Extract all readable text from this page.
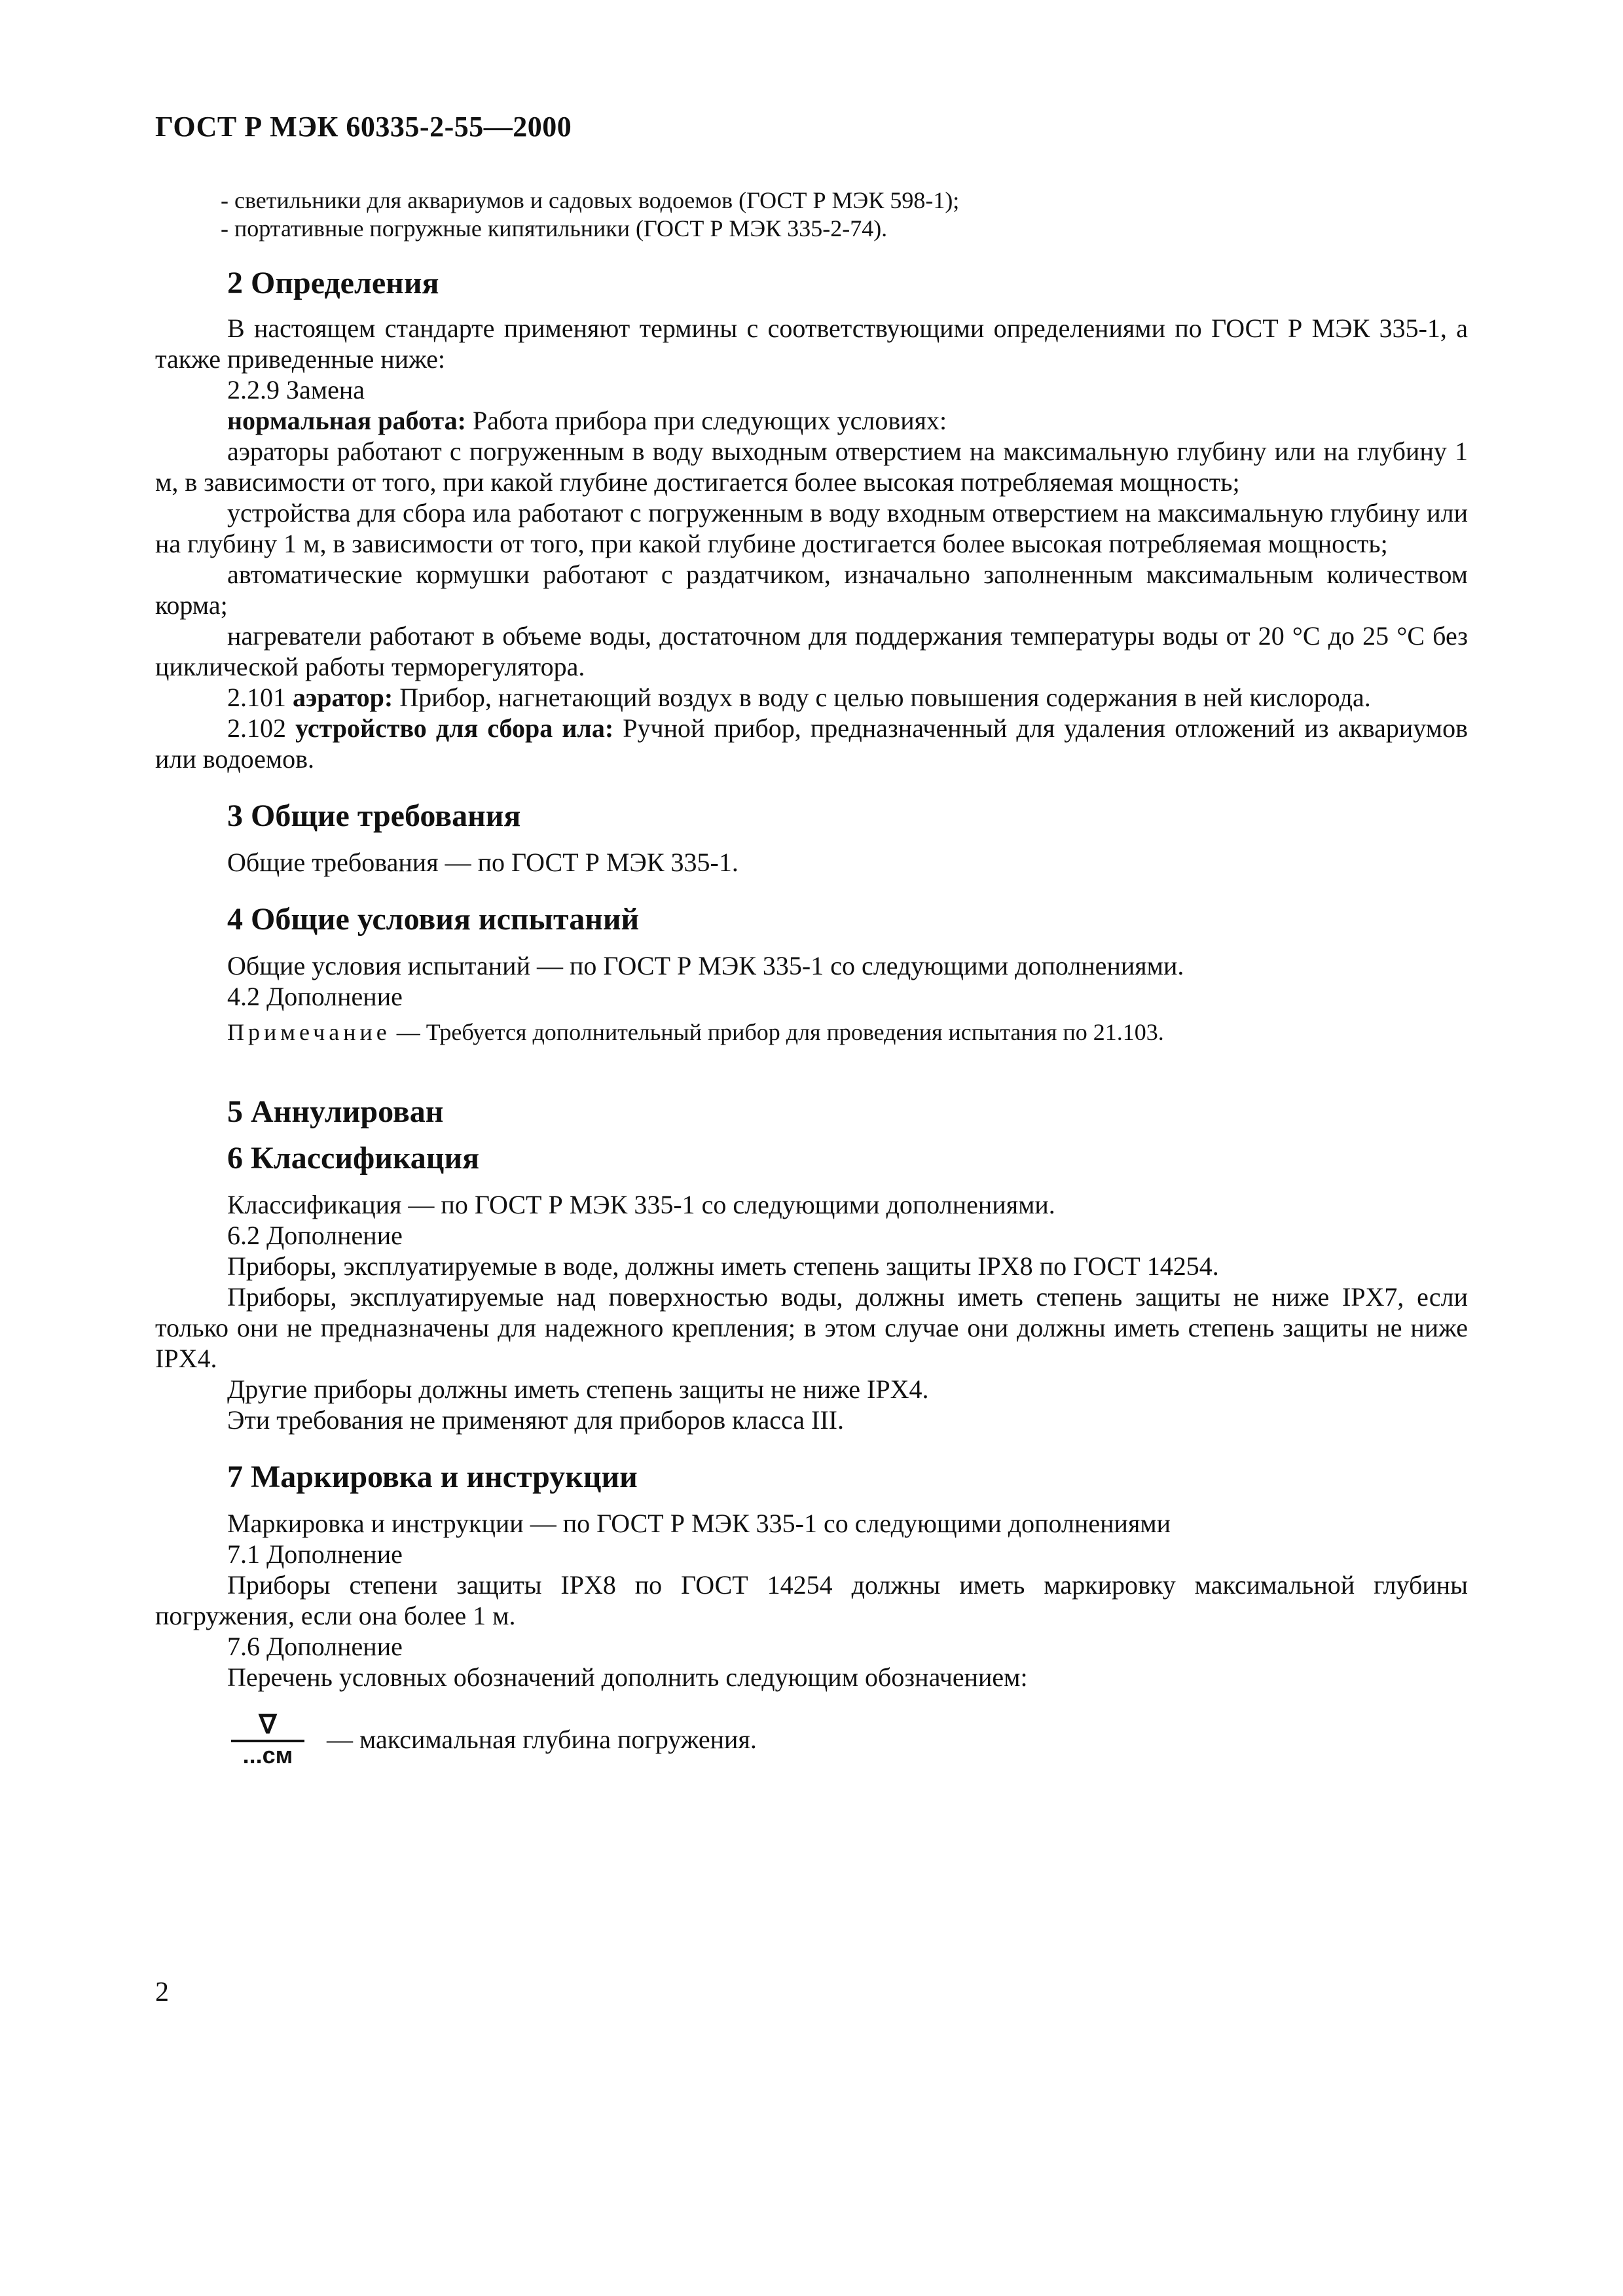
ГОСТ Р МЭК 60335-2-55—2000

- светильники для аквариумов и садовых водоемов (ГОСТ Р МЭК 598-1);

- портативные погружные кипятильники (ГОСТ Р МЭК 335-2-74).

2 Определения

В настоящем стандарте применяют термины с соответствующими определениями по ГОСТ Р МЭК 335-1, а также приведенные ниже:

2.2.9 Замена

нормальная работа: Работа прибора при следующих условиях:

аэраторы работают с погруженным в воду выходным отверстием на максимальную глубину или на глубину 1 м, в зависимости от того, при какой глубине достигается более высокая потребляемая мощность;

устройства для сбора ила работают с погруженным в воду входным отверстием на максимальную глубину или на глубину 1 м, в зависимости от того, при какой глубине достигается более высокая потребляемая мощность;

автоматические кормушки работают с раздатчиком, изначально заполненным максимальным количеством корма;

нагреватели работают в объеме воды, достаточном для поддержания температуры воды от 20 °С до 25 °С без циклической работы терморегулятора.

2.101 аэратор: Прибор, нагнетающий воздух в воду с целью повышения содержания в ней кислорода.

2.102 устройство для сбора ила: Ручной прибор, предназначенный для удаления отложений из аквариумов или водоемов.

3 Общие требования

Общие требования — по ГОСТ Р МЭК 335-1.

4 Общие условия испытаний

Общие условия испытаний — по ГОСТ Р МЭК 335-1 со следующими дополнениями.

4.2 Дополнение

Примечание — Требуется дополнительный прибор для проведения испытания по 21.103.

5 Аннулирован
6 Классификация

Классификация — по ГОСТ Р МЭК 335-1 со следующими дополнениями.

6.2 Дополнение

Приборы, эксплуатируемые в воде, должны иметь степень защиты IPX8 по ГОСТ 14254.

Приборы, эксплуатируемые над поверхностью воды, должны иметь степень защиты не ниже IPX7, если только они не предназначены для надежного крепления; в этом случае они должны иметь степень защиты не ниже IPX4.

Другие приборы должны иметь степень защиты не ниже IPX4.

Эти требования не применяют для приборов класса III.

7 Маркировка и инструкции

Маркировка и инструкции — по ГОСТ Р МЭК 335-1 со следующими дополнениями

7.1 Дополнение

Приборы степени защиты IPX8 по ГОСТ 14254 должны иметь маркировку максимальной глубины погружения, если она более 1 м.

7.6 Дополнение

Перечень условных обозначений дополнить следующим обозначением:

∇
...см
— максимальная глубина погружения.
2
